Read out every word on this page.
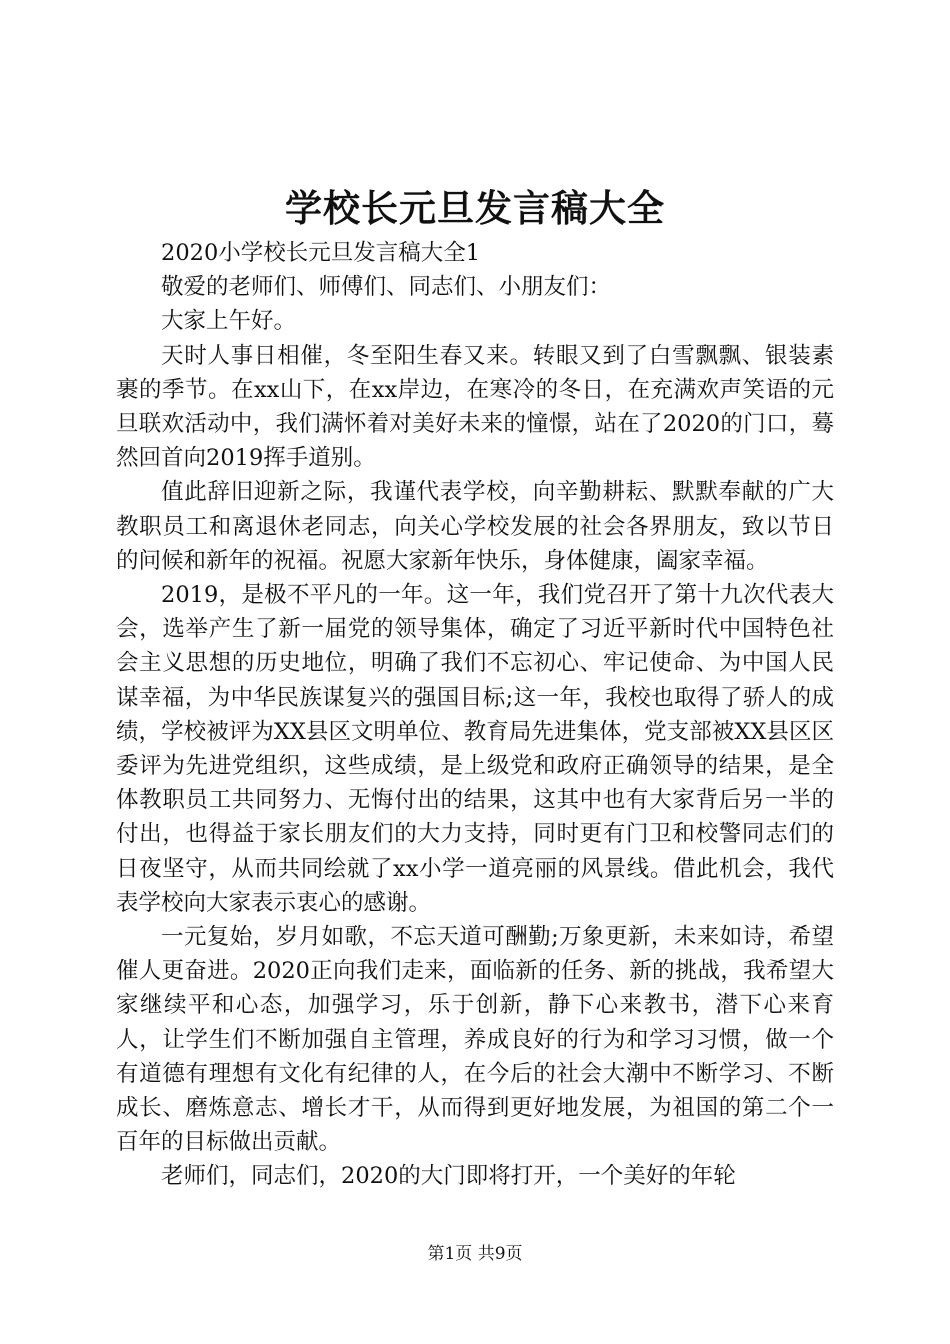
学校长元旦发言稿大全

2020小学校长元旦发言稿大全1

敬爱的老师们、师傅们、同志们、小朋友们：

大家上午好。

天时人事日相催，冬至阳生春又来。转眼又到了白雪飘飘、银装素裹的季节。在xx山下，在xx岸边，在寒冷的冬日，在充满欢声笑语的元旦联欢活动中，我们满怀着对美好未来的憧憬，站在了2020的门口，蓦然回首向2019挥手道别。

值此辞旧迎新之际，我谨代表学校，向辛勤耕耘、默默奉献的广大教职员工和离退休老同志，向关心学校发展的社会各界朋友，致以节日的问候和新年的祝福。祝愿大家新年快乐，身体健康，阖家幸福。

2019，是极不平凡的一年。这一年，我们党召开了第十九次代表大会，选举产生了新一届党的领导集体，确定了习近平新时代中国特色社会主义思想的历史地位，明确了我们不忘初心、牢记使命、为中国人民谋幸福，为中华民族谋复兴的强国目标;这一年，我校也取得了骄人的成绩，学校被评为XX县区文明单位、教育局先进集体，党支部被XX县区区委评为先进党组织，这些成绩，是上级党和政府正确领导的结果，是全体教职员工共同努力、无悔付出的结果，这其中也有大家背后另一半的付出，也得益于家长朋友们的大力支持，同时更有门卫和校警同志们的日夜坚守，从而共同绘就了xx小学一道亮丽的风景线。借此机会，我代表学校向大家表示衷心的感谢。

一元复始，岁月如歌，不忘天道可酬勤;万象更新，未来如诗，希望催人更奋进。2020正向我们走来，面临新的任务、新的挑战，我希望大家继续平和心态，加强学习，乐于创新，静下心来教书，潜下心来育人，让学生们不断加强自主管理，养成良好的行为和学习习惯，做一个有道德有理想有文化有纪律的人，在今后的社会大潮中不断学习、不断成长、磨炼意志、增长才干，从而得到更好地发展，为祖国的第二个一百年的目标做出贡献。

老师们，同志们，2020的大门即将打开，一个美好的年轮

第1页 共9页
